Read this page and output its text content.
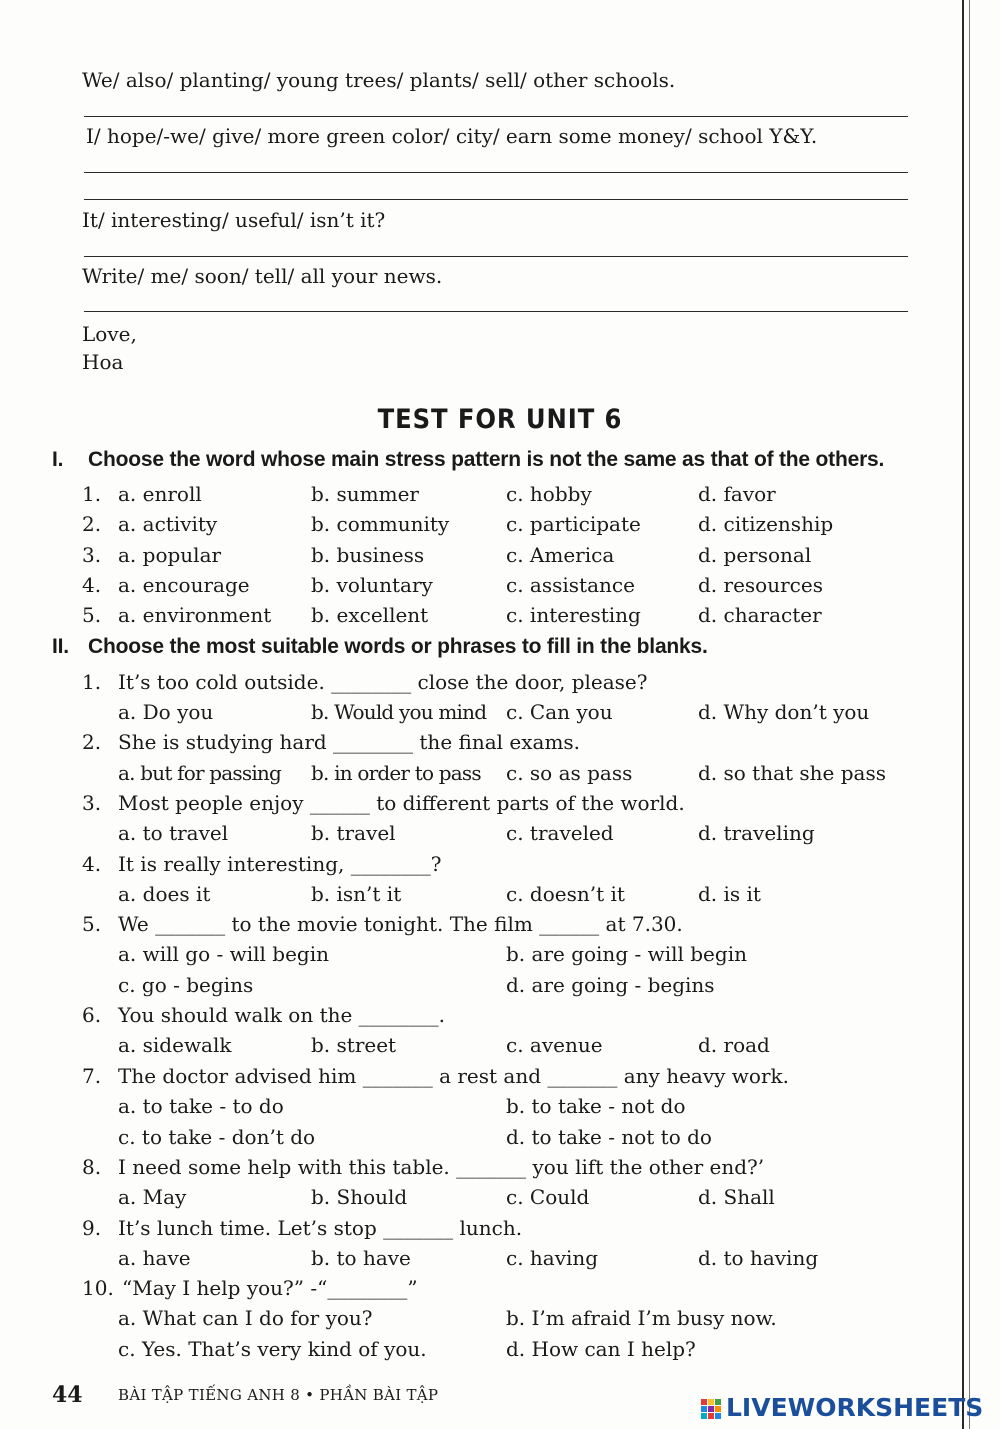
We/ also/ planting/ young trees/ plants/ sell/ other schools.
I/ hope/-we/ give/ more green color/ city/ earn some money/ school Y&Y.
It/ interesting/ useful/ isn’t it?
Write/ me/ soon/ tell/ all your news.
Love,
Hoa
TEST FOR UNIT 6
I. Choose the word whose main stress pattern is not the same as that of the others.
1. a. enroll	b. summer	c. hobby	d. favor
2. a. activity	b. community	c. participate	d. citizenship
3. a. popular	b. business	c. America	d. personal
4. a. encourage	b. voluntary	c. assistance	d. resources
5. a. environment b. excellent	c. interesting	d. character
II. Choose the most suitable words or phrases to fill in the blanks.
1. It’s too cold outside. ________ close the door, please?
a. Do you	b. Would you mind c. Can you	d. Why don’t you
2. She is studying hard ________ the final exams.
a. but for passing b. in order to pass c. so as pass	d. so that she pass
3. Most people enjoy ______ to different parts of the world.
a. to travel	b. travel	c. traveled	d. traveling
4. It is really interesting, ________?
a. does it	b. isn’t it	c. doesn’t it	d. is it
5. We _______ to the movie tonight. The film ______ at 7.30.
a. will go - will begin	b. are going - will begin
c. go - begins	d. are going - begins
6. You should walk on the ________.
a. sidewalk	b. street	c. avenue	d. road
7. The doctor advised him _______ a rest and _______ any heavy work.
a. to take - to do	b. to take - not do
c. to take - don’t do	d. to take - not to do
8. I need some help with this table. _______ you lift the other end?’
a. May	b. Should	c. Could	d. Shall
9. It’s lunch time. Let’s stop _______ lunch.
a. have	b. to have	c. having	d. to having
10. “May I help you?” -“________”
a. What can I do for you?	b. I’m afraid I’m busy now.
c. Yes. That’s very kind of you.	d. How can I help?
44 BÀI TẬP TIẾNG ANH 8 • PHẦN BÀI TẬP	LIVEWORKSHEETS
